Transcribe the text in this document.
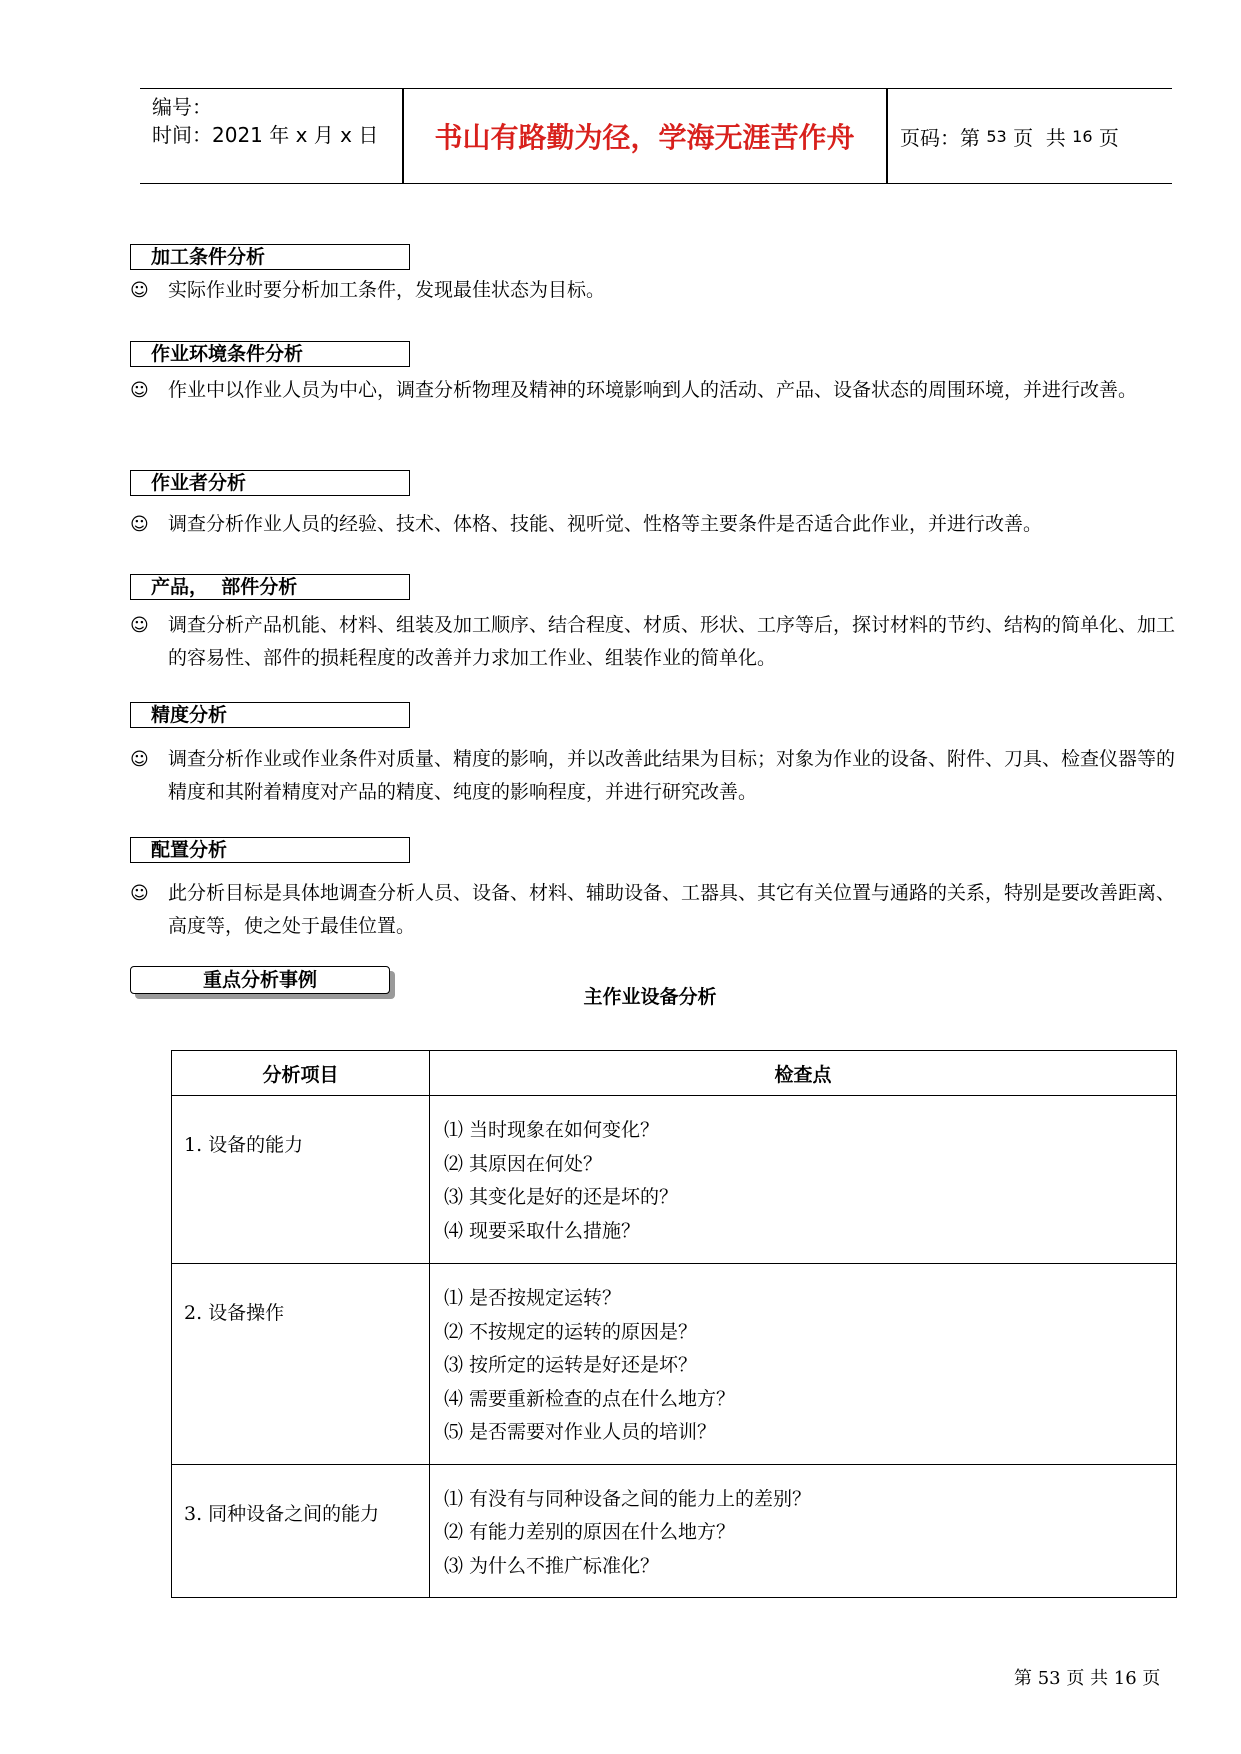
编号：
时间：2021 年 x 月 x 日	书山有路勤为径，学海无涯苦作舟	页码：第 53 页  共 16 页
加工条件分析
☺ 实际作业时要分析加工条件，发现最佳状态为目标。
作业环境条件分析
☺ 作业中以作业人员为中心，调查分析物理及精神的环境影响到人的活动、产品、设备状态的周围环境，并进行改善。
作业者分析
☺ 调查分析作业人员的经验、技术、体格、技能、视听觉、性格等主要条件是否适合此作业，并进行改善。
产品，  部件分析
☺ 调查分析产品机能、材料、组装及加工顺序、结合程度、材质、形状、工序等后，探讨材料的节约、结构的简单化、加工的容易性、部件的损耗程度的改善并力求加工作业、组装作业的简单化。
精度分析
☺ 调查分析作业或作业条件对质量、精度的影响，并以改善此结果为目标；对象为作业的设备、附件、刀具、检查仪器等的精度和其附着精度对产品的精度、纯度的影响程度，并进行研究改善。
配置分析
☺ 此分析目标是具体地调查分析人员、设备、材料、辅助设备、工器具、其它有关位置与通路的关系，特别是要改善距离、高度等，使之处于最佳位置。
重点分析事例
主作业设备分析
分析项目	检查点
1. 设备的能力	⑴ 当时现象在如何变化？
⑵ 其原因在何处？
⑶ 其变化是好的还是坏的？
⑷ 现要采取什么措施？

2. 设备操作	⑴ 是否按规定运转？
⑵ 不按规定的运转的原因是？
⑶ 按所定的运转是好还是坏？
⑷ 需要重新检查的点在什么地方？
⑸ 是否需要对作业人员的培训？

3. 同种设备之间的能力	⑴ 有没有与同种设备之间的能力上的差别？
⑵ 有能力差别的原因在什么地方？
⑶ 为什么不推广标准化？
第 53 页 共 16 页
